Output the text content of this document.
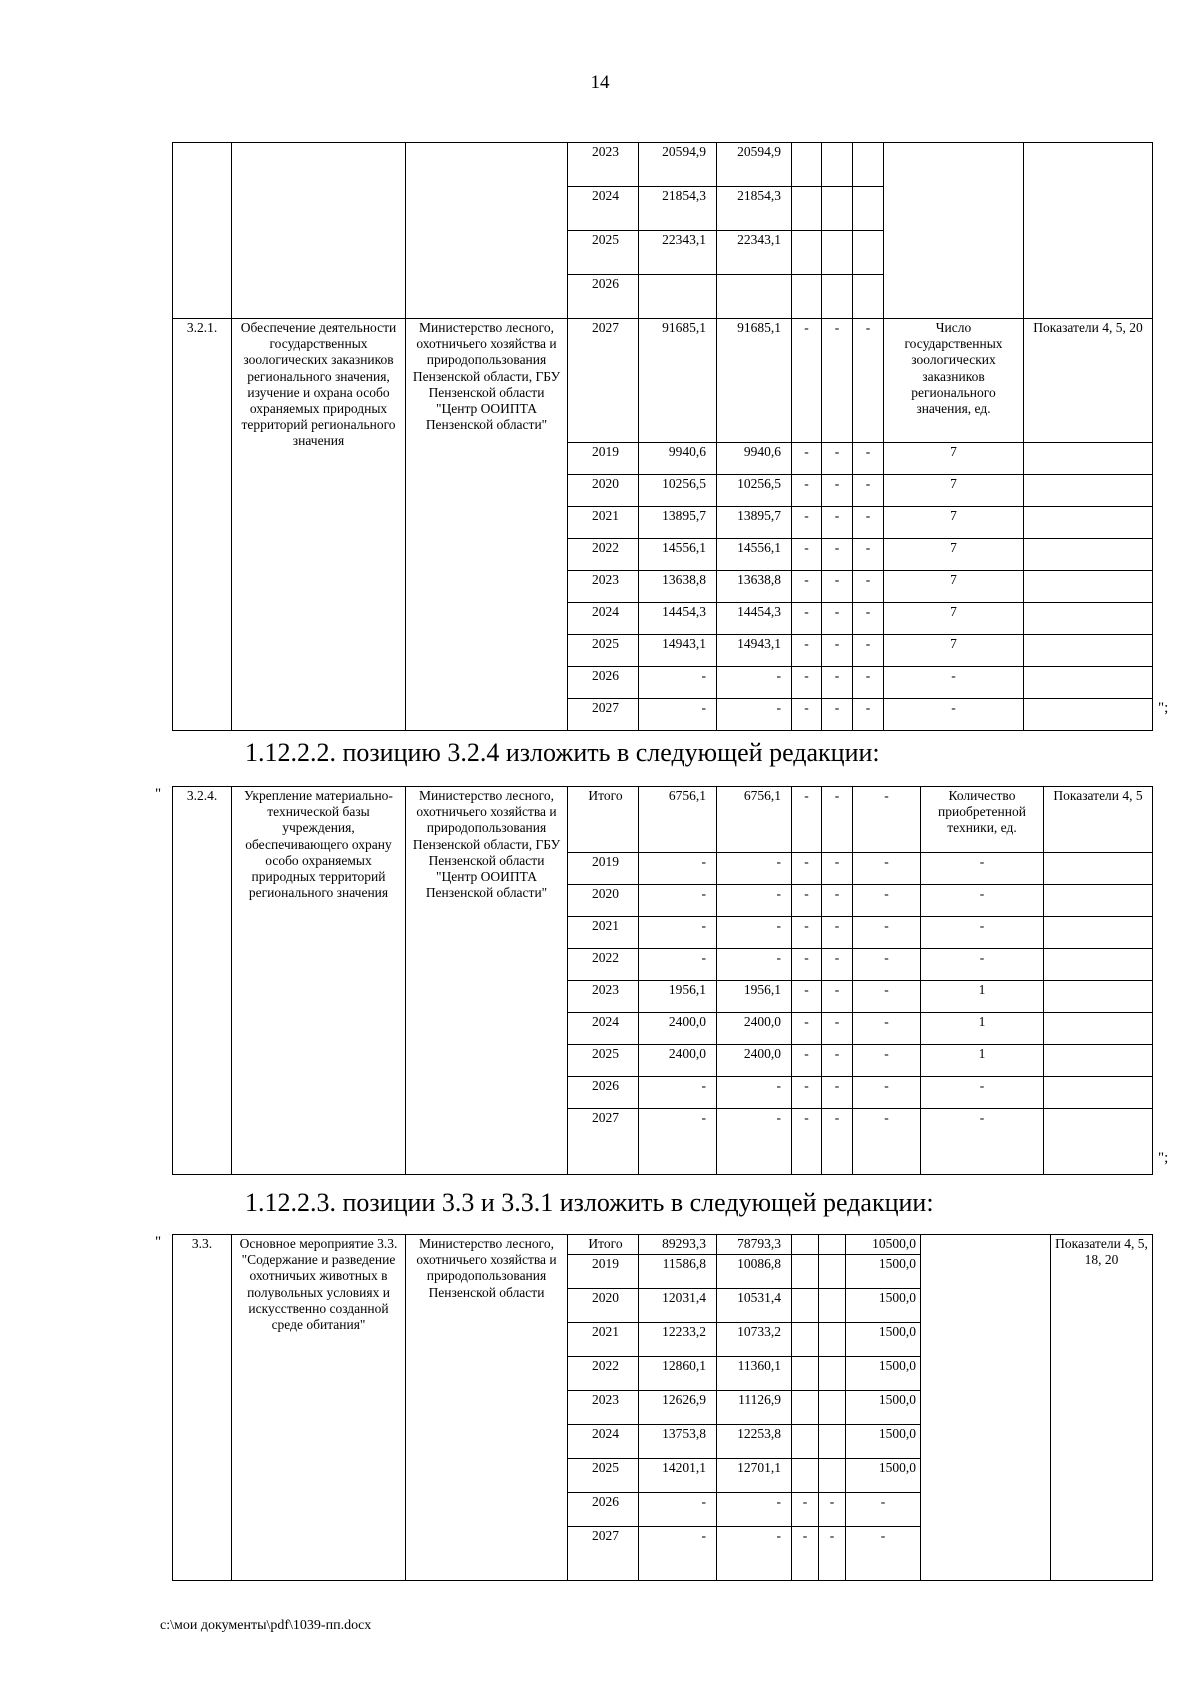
14
			2023	20594,9	20594,9					
			2024	21854,3	21854,3					
			2025	22343,1	22343,1					
			2026							
3.2.1.	Обеспечение деятельности государственных зоологических заказников регионального значения, изучение и охрана особо охраняемых природных территорий регионального значения	Министерство лесного, охотничьего хозяйства и природопользования Пензенской области, ГБУ Пензенской области "Центр ООИПТА Пензенской области"	2027	91685,1	91685,1	-	-	-	Число государственных зоологических заказников регионального значения, ед.	Показатели 4, 5, 20
			2019	9940,6	9940,6	-	-	-	7	
			2020	10256,5	10256,5	-	-	-	7	
			2021	13895,7	13895,7	-	-	-	7	
			2022	14556,1	14556,1	-	-	-	7	
			2023	13638,8	13638,8	-	-	-	7	
			2024	14454,3	14454,3	-	-	-	7	
			2025	14943,1	14943,1	-	-	-	7	
			2026	-	-	-	-	-	-	
			2027	-	-	-	-	-	-		";
1.12.2.2. позицию 3.2.4 изложить в следующей редакции:
" 3.2.4.	Укрепление материально-технической базы учреждения, обеспечивающего охрану особо охраняемых природных территорий регионального значения	Министерство лесного, охотничьего хозяйства и природопользования Пензенской области, ГБУ Пензенской области "Центр ООИПТА Пензенской области"	Итого	6756,1	6756,1	-	-	-	Количество приобретенной техники, ед.	Показатели 4, 5
			2019	-	-	-	-	-	-	
			2020	-	-	-	-	-	-	
			2021	-	-	-	-	-	-	
			2022	-	-	-	-	-	-	
			2023	1956,1	1956,1	-	-	-	1	
			2024	2400,0	2400,0	-	-	-	1	
			2025	2400,0	2400,0	-	-	-	1	
			2026	-	-	-	-	-	-	
			2027	-	-	-	-	-	-	
";
1.12.2.3. позиции 3.3 и 3.3.1 изложить в следующей редакции:
" 3.3.	Основное мероприятие 3.3. "Содержание и разведение охотничьих животных в полувольных условиях и искусственно созданной среде обитания"	Министерство лесного, охотничьего хозяйства и природопользования Пензенской области	Итого	89293,3	78793,3			10500,0		Показатели 4, 5, 18, 20
			2019	11586,8	10086,8			1500,0		
			2020	12031,4	10531,4			1500,0		
			2021	12233,2	10733,2			1500,0		
			2022	12860,1	11360,1			1500,0		
			2023	12626,9	11126,9			1500,0		
			2024	13753,8	12253,8			1500,0		
			2025	14201,1	12701,1			1500,0		
			2026	-	-	-	-	-		
			2027	-	-	-	-	-		
c:\мои документы\pdf\1039-пп.docx
